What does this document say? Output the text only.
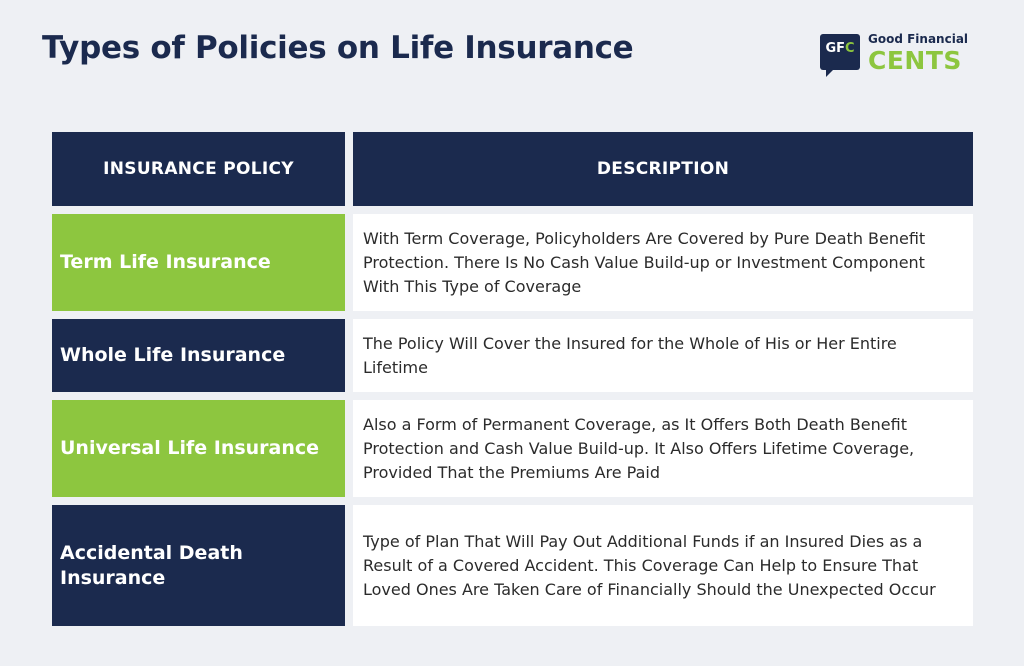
Types of Policies on Life Insurance	GFC
Good Financial
CENTS
INSURANCE POLICY	DESCRIPTION
Term Life Insurance
With Term Coverage, Policyholders Are Covered by Pure Death Benefit Protection. There Is No Cash Value Build-up or Investment Component With This Type of Coverage
Whole Life Insurance
The Policy Will Cover the Insured for the Whole of His or Her Entire Lifetime
Universal Life Insurance
Also a Form of Permanent Coverage, as It Offers Both Death Benefit Protection and Cash Value Build-up. It Also Offers Lifetime Coverage, Provided That the Premiums Are Paid
Accidental Death Insurance
Type of Plan That Will Pay Out Additional Funds if an Insured Dies as a Result of a Covered Accident. This Coverage Can Help to Ensure That Loved Ones Are Taken Care of Financially Should the Unexpected Occur
